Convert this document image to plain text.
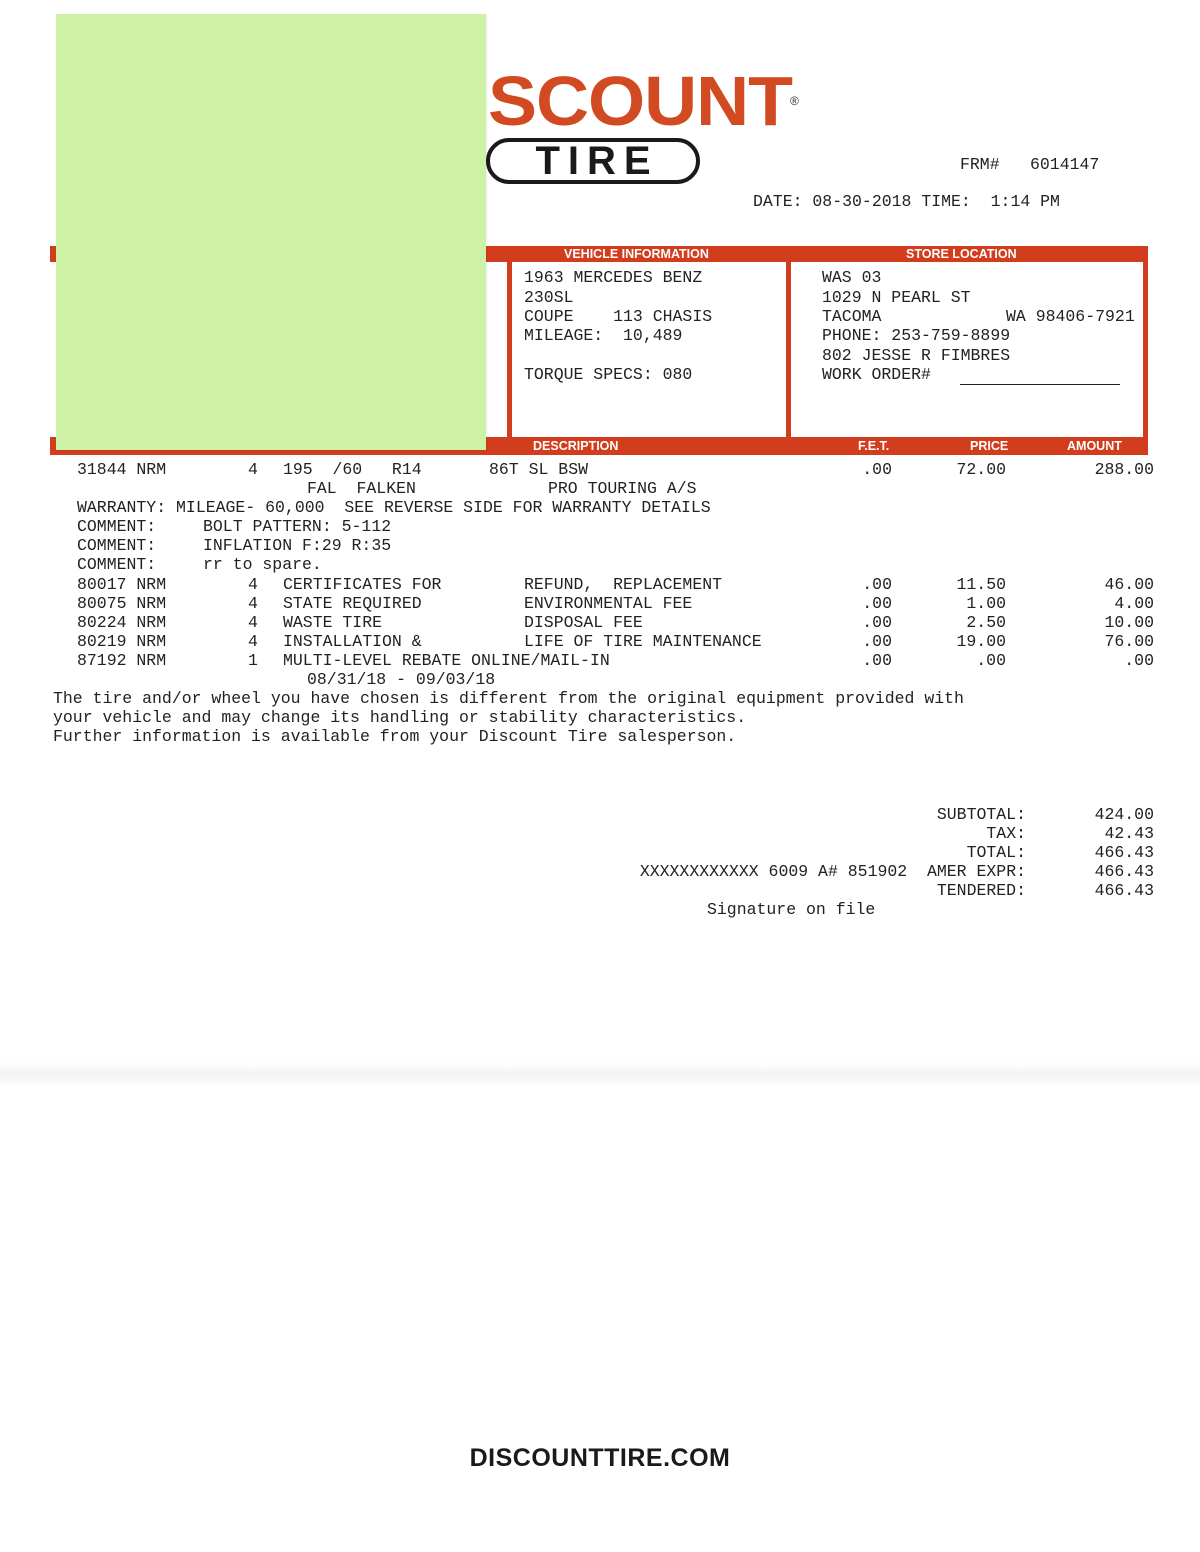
SCOUNT
®
TIRE	FRM# 6014147
DATE: 08-30-2018 TIME:  1:14 PM
VEHICLE INFORMATION	STORE LOCATION
DESCRIPTION	F.E.T.	PRICE	AMOUNT
1963 MERCEDES BENZ
230SL
COUPE    113 CHASIS
MILEAGE:  10,489
TORQUE SPECS: 080
WAS 03
1029 N PEARL ST
TACOMA	WA 98406-7921
PHONE: 253-759-8899
802 JESSE R FIMBRES
WORK ORDER#
31844 NRM	4 195  /60   R14	86T SL BSW	.00	72.00	288.00
FAL  FALKEN	PRO TOURING A/S
WARRANTY: MILEAGE- 60,000  SEE REVERSE SIDE FOR WARRANTY DETAILS
COMMENT:	BOLT PATTERN: 5-112
COMMENT:	INFLATION F:29 R:35
COMMENT:	rr to spare.
80017 NRM	4 CERTIFICATES FOR	REFUND,  REPLACEMENT	.00	11.50	46.00
80075 NRM	4 STATE REQUIRED	ENVIRONMENTAL FEE	.00	1.00	4.00
80224 NRM	4 WASTE TIRE	DISPOSAL FEE	.00	2.50	10.00
80219 NRM	4 INSTALLATION &	LIFE OF TIRE MAINTENANCE	.00	19.00	76.00
87192 NRM	1 MULTI-LEVEL REBATE ONLINE/MAIL-IN	.00	.00	.00
08/31/18 - 09/03/18
The tire and/or wheel you have chosen is different from the original equipment provided with
your vehicle and may change its handling or stability characteristics.
Further information is available from your Discount Tire salesperson.
SUBTOTAL:	424.00
TAX:	42.43
TOTAL:	466.43
XXXXXXXXXXXX 6009 A# 851902  AMER EXPR:	466.43
TENDERED:	466.43
Signature on file
DISCOUNTTIRE.COM
